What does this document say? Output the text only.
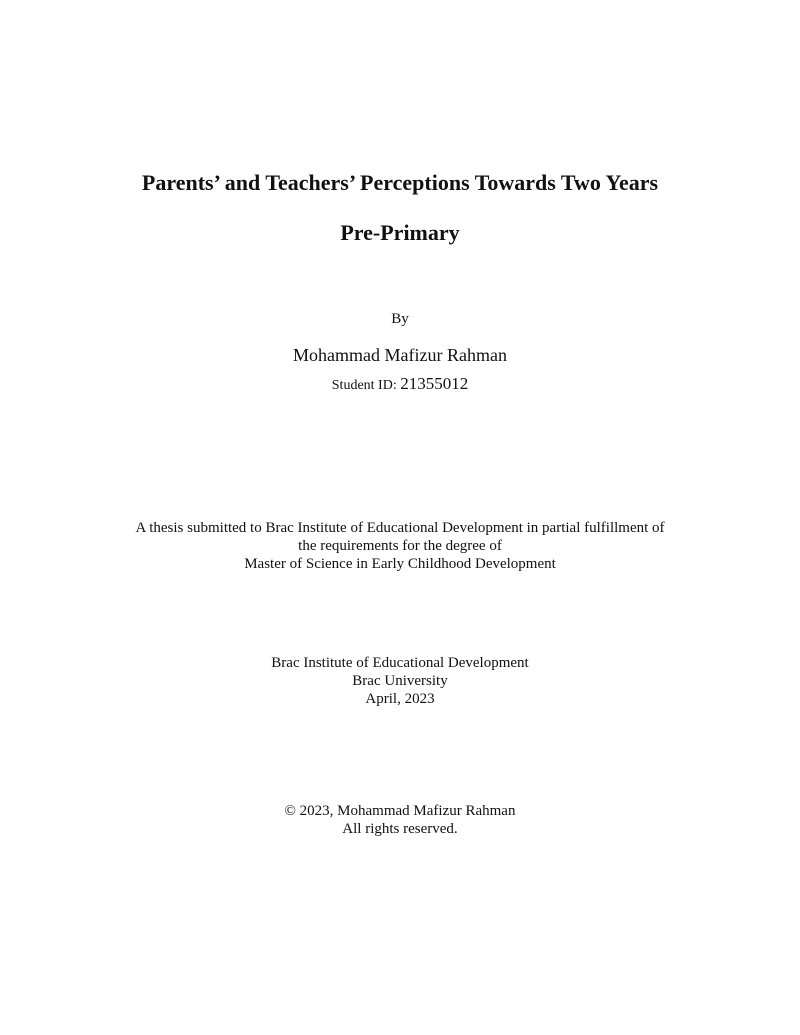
Parents’ and Teachers’ Perceptions Towards Two Years
Pre-Primary
By
Mohammad Mafizur Rahman
Student ID: 21355012
A thesis submitted to Brac Institute of Educational Development in partial fulfillment of
the requirements for the degree of
Master of Science in Early Childhood Development
Brac Institute of Educational Development
Brac University
April, 2023
© 2023, Mohammad Mafizur Rahman
All rights reserved.
